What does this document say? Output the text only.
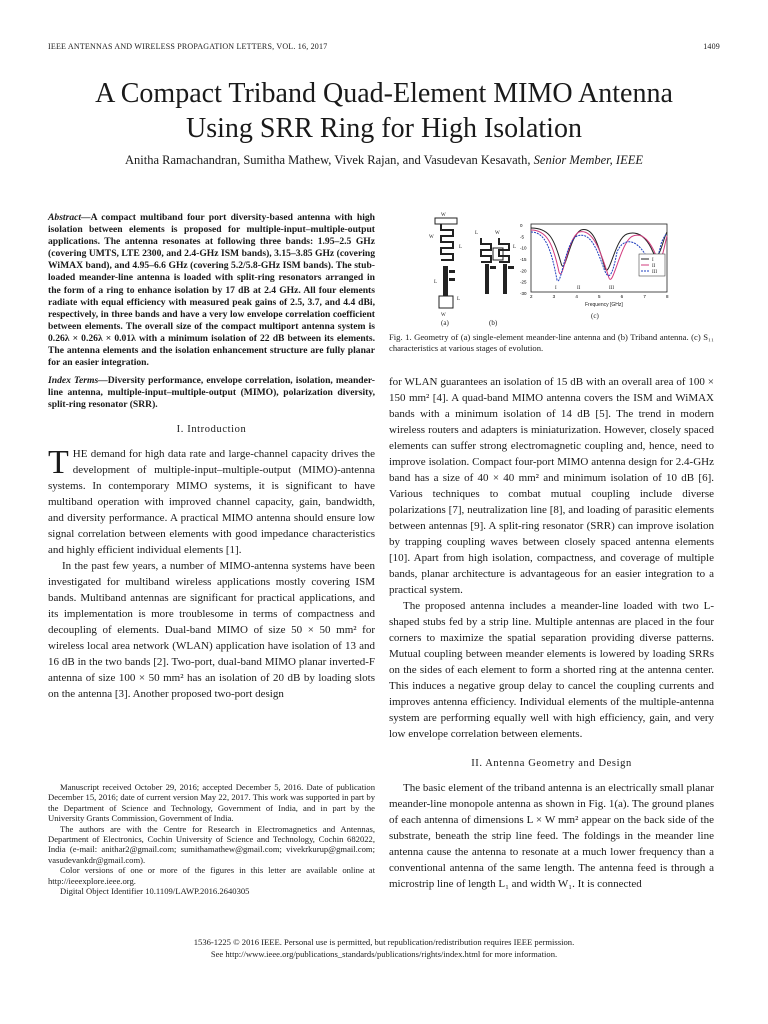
IEEE ANTENNAS AND WIRELESS PROPAGATION LETTERS, VOL. 16, 2017	1409
A Compact Triband Quad-Element MIMO Antenna
Using SRR Ring for High Isolation
Anitha Ramachandran, Sumitha Mathew, Vivek Rajan, and Vasudevan Kesavath, Senior Member, IEEE

Abstract—A compact multiband four port diversity-based antenna with high isolation between elements is proposed for multiple-input–multiple-output applications. The antenna resonates at following three bands: 1.95–2.5 GHz (covering UMTS, LTE 2300, and 2.4-GHz ISM bands), 3.15–3.85 GHz (covering WiMAX band), and 4.95–6.6 GHz (covering 5.2/5.8-GHz ISM bands). The stub-loaded meander-line antenna is loaded with split-ring resonators arranged in the form of a ring to enhance isolation by 17 dB at 2.4 GHz. All four elements radiate with equal efficiency with measured peak gains of 2.5, 3.7, and 4.4 dBi, respectively, in three bands and have a very low envelope correlation coefficient between elements. The overall size of the compact multiport antenna system is 0.26λ × 0.26λ × 0.01λ with a minimum isolation of 22 dB between its elements. The antenna elements and the isolation enhancement structure are fully planar for an easier integration.

Index Terms—Diversity performance, envelope correlation, isolation, meander-line antenna, multiple-input–multiple-output (MIMO), polarization diversity, split-ring resonator (SRR).

I. Introduction

THE demand for high data rate and large-channel capacity drives the development of multiple-input–multiple-output (MIMO)-antenna systems. In contemporary MIMO systems, it is significant to have multiband operation with improved channel capacity, gain, bandwidth, and diversity performance. A practical MIMO antenna should ensure low signal correlation between elements with good impedance characteristics and highly efficient individual elements [1].

In the past few years, a number of MIMO-antenna systems have been investigated for multiband wireless applications mostly covering ISM bands. Multiband antennas are significant for practical applications, and its implementation is more troublesome in terms of compactness and decoupling of elements. Dual-band MIMO of size 50 × 50 mm² for wireless local area network (WLAN) application have isolation of 13 and 16 dB in the two bands [2]. Two-port, dual-band MIMO planar inverted-F antenna of size 100 × 50 mm² has an isolation of 20 dB by loading slots on the antenna [3]. Another proposed two-port design

Manuscript received October 29, 2016; accepted December 5, 2016. Date of publication December 15, 2016; date of current version May 22, 2017. This work was supported in part by the Department of Science and Technology, Government of India, and in part by the University Grants Commission, Government of India.

The authors are with the Centre for Research in Electromagnetics and Antennas, Department of Electronics, Cochin University of Science and Technology, Cochin 682022, India (e-mail: anithar2@gmail.com; sumithamathew@gmail.com; vivekrkurup@gmail.com; vasudevankdr@gmail.com).

Color versions of one or more of the figures in this letter are available online at http://ieeexplore.ieee.org.

Digital Object Identifier 10.1109/LAWP.2016.2640305

W
W
L
L
L
W
L	W
L
0
-5
-10
-15
-20
-25
-30
2	3	4	5	6	7	8
I
II
III
I	II	III
Frequency [GHz]
(a)	(b)
(c)
Fig. 1. Geometry of (a) single-element meander-line antenna and (b) Triband antenna. (c) S₁₁ characteristics at various stages of evolution.

for WLAN guarantees an isolation of 15 dB with an overall area of 100 × 150 mm² [4]. A quad-band MIMO antenna covers the ISM and WiMAX bands with a minimum isolation of 14 dB [5]. The trend in modern wireless routers and adapters is miniaturization. However, closely spaced elements can suffer strong electromagnetic coupling and, hence, need to improve isolation. Compact four-port MIMO antenna design for 2.4-GHz band has a size of 40 × 40 mm² and minimum isolation of 10 dB [6]. Various techniques to combat mutual coupling include diverse polarizations [7], neutralization line [8], and loading of parasitic elements between antennas [9]. A split-ring resonator (SRR) can improve isolation by trapping coupling waves between closely spaced antenna elements [10]. Apart from high isolation, compactness, and coverage of multiple bands, planar architecture is advantageous for an easier integration to a practical system.

The proposed antenna includes a meander-line loaded with two L-shaped stubs fed by a strip line. Multiple antennas are placed in the four corners to maximize the spatial separation providing diverse patterns. Mutual coupling between meander elements is lowered by loading SRRs on the sides of each element to form a shorted ring at the antenna center. This induces a negative group delay to cancel the coupling currents and improves antenna efficiency. Individual elements of the multiple-antenna system are performing equally well with high efficiency, gain, and very low envelope correlation between elements.

II. Antenna Geometry and Design

The basic element of the triband antenna is an electrically small planar meander-line monopole antenna as shown in Fig. 1(a). The ground planes of each antenna of dimensions L × W mm² appear on the back side of the substrate, beneath the strip line feed. The foldings in the meander line antenna cause the antenna to resonate at a much lower frequency than a conventional antenna of the same length. The antenna feed is through a microstrip line of length L₁ and width W₁. It is connected

1536-1225 © 2016 IEEE. Personal use is permitted, but republication/redistribution requires IEEE permission.
See http://www.ieee.org/publications_standards/publications/rights/index.html for more information.
